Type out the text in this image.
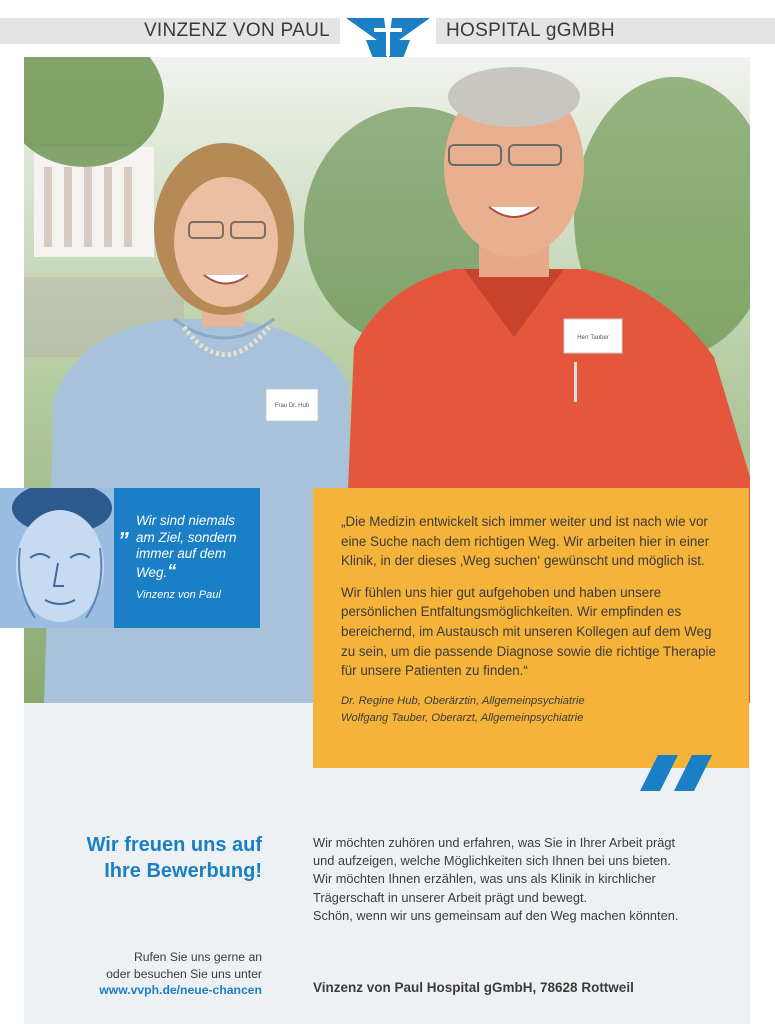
VINZENZ VON PAUL	HOSPITAL gGMBH
Frau Dr. Hub
Herr Tauber
„ Wir sind niemals
am Ziel, sondern
immer auf dem
Weg.“
Vinzenz von Paul

„Die Medizin entwickelt sich immer weiter und ist nach wie vor eine Suche nach dem richtigen Weg. Wir arbeiten hier in einer Klinik, in der dieses ‚Weg suchen‘ gewünscht und möglich ist.

Wir fühlen uns hier gut aufgehoben und haben unsere persönlichen Entfaltungsmöglichkeiten. Wir empfinden es bereichernd, im Austausch mit unseren Kollegen auf dem Weg zu sein, um die passende Diagnose sowie die richtige Therapie für unsere Patienten zu finden.“

Dr. Regine Hub, Oberärztin, Allgemeinpsychiatrie
Wolfgang Tauber, Oberarzt, Allgemeinpsychiatrie
Wir freuen uns auf
Ihre Bewerbung!
Rufen Sie uns gerne an
oder besuchen Sie uns unter
www.vvph.de/neue-chancen
Wir möchten zuhören und erfahren, was Sie in Ihrer Arbeit prägt
und aufzeigen, welche Möglichkeiten sich Ihnen bei uns bieten.
Wir möchten Ihnen erzählen, was uns als Klinik in kirchlicher
Trägerschaft in unserer Arbeit prägt und bewegt.
Schön, wenn wir uns gemeinsam auf den Weg machen könnten.
Vinzenz von Paul Hospital gGmbH, 78628 Rottweil
